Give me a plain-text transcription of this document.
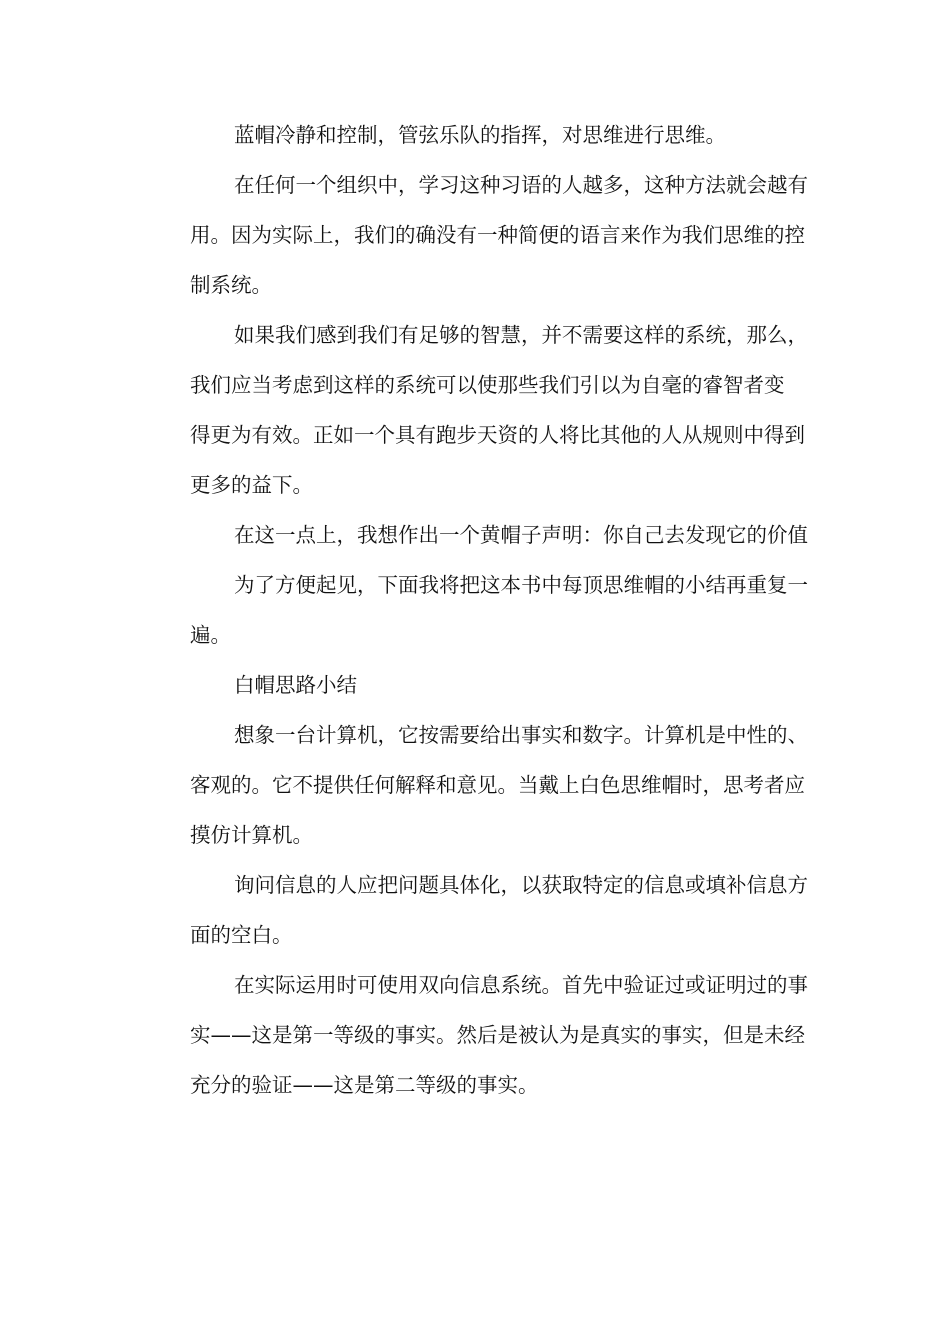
蓝帽冷静和控制，管弦乐队的指挥，对思维进行思维。
在任何一个组织中，学习这种习语的人越多，这种方法就会越有
用。因为实际上，我们的确没有一种简便的语言来作为我们思维的控
制系统。
如果我们感到我们有足够的智慧，并不需要这样的系统，那么，
我们应当考虑到这样的系统可以使那些我们引以为自毫的睿智者变
得更为有效。正如一个具有跑步天资的人将比其他的人从规则中得到
更多的益下。
在这一点上，我想作出一个黄帽子声明：你自己去发现它的价值
为了方便起见，下面我将把这本书中每顶思维帽的小结再重复一
遍。
白帽思路小结
想象一台计算机，它按需要给出事实和数字。计算机是中性的、
客观的。它不提供任何解释和意见。当戴上白色思维帽时，思考者应
摸仿计算机。
询问信息的人应把问题具体化，以获取特定的信息或填补信息方
面的空白。
在实际运用时可使用双向信息系统。首先中验证过或证明过的事
实——这是第一等级的事实。然后是被认为是真实的事实，但是未经
充分的验证——这是第二等级的事实。
